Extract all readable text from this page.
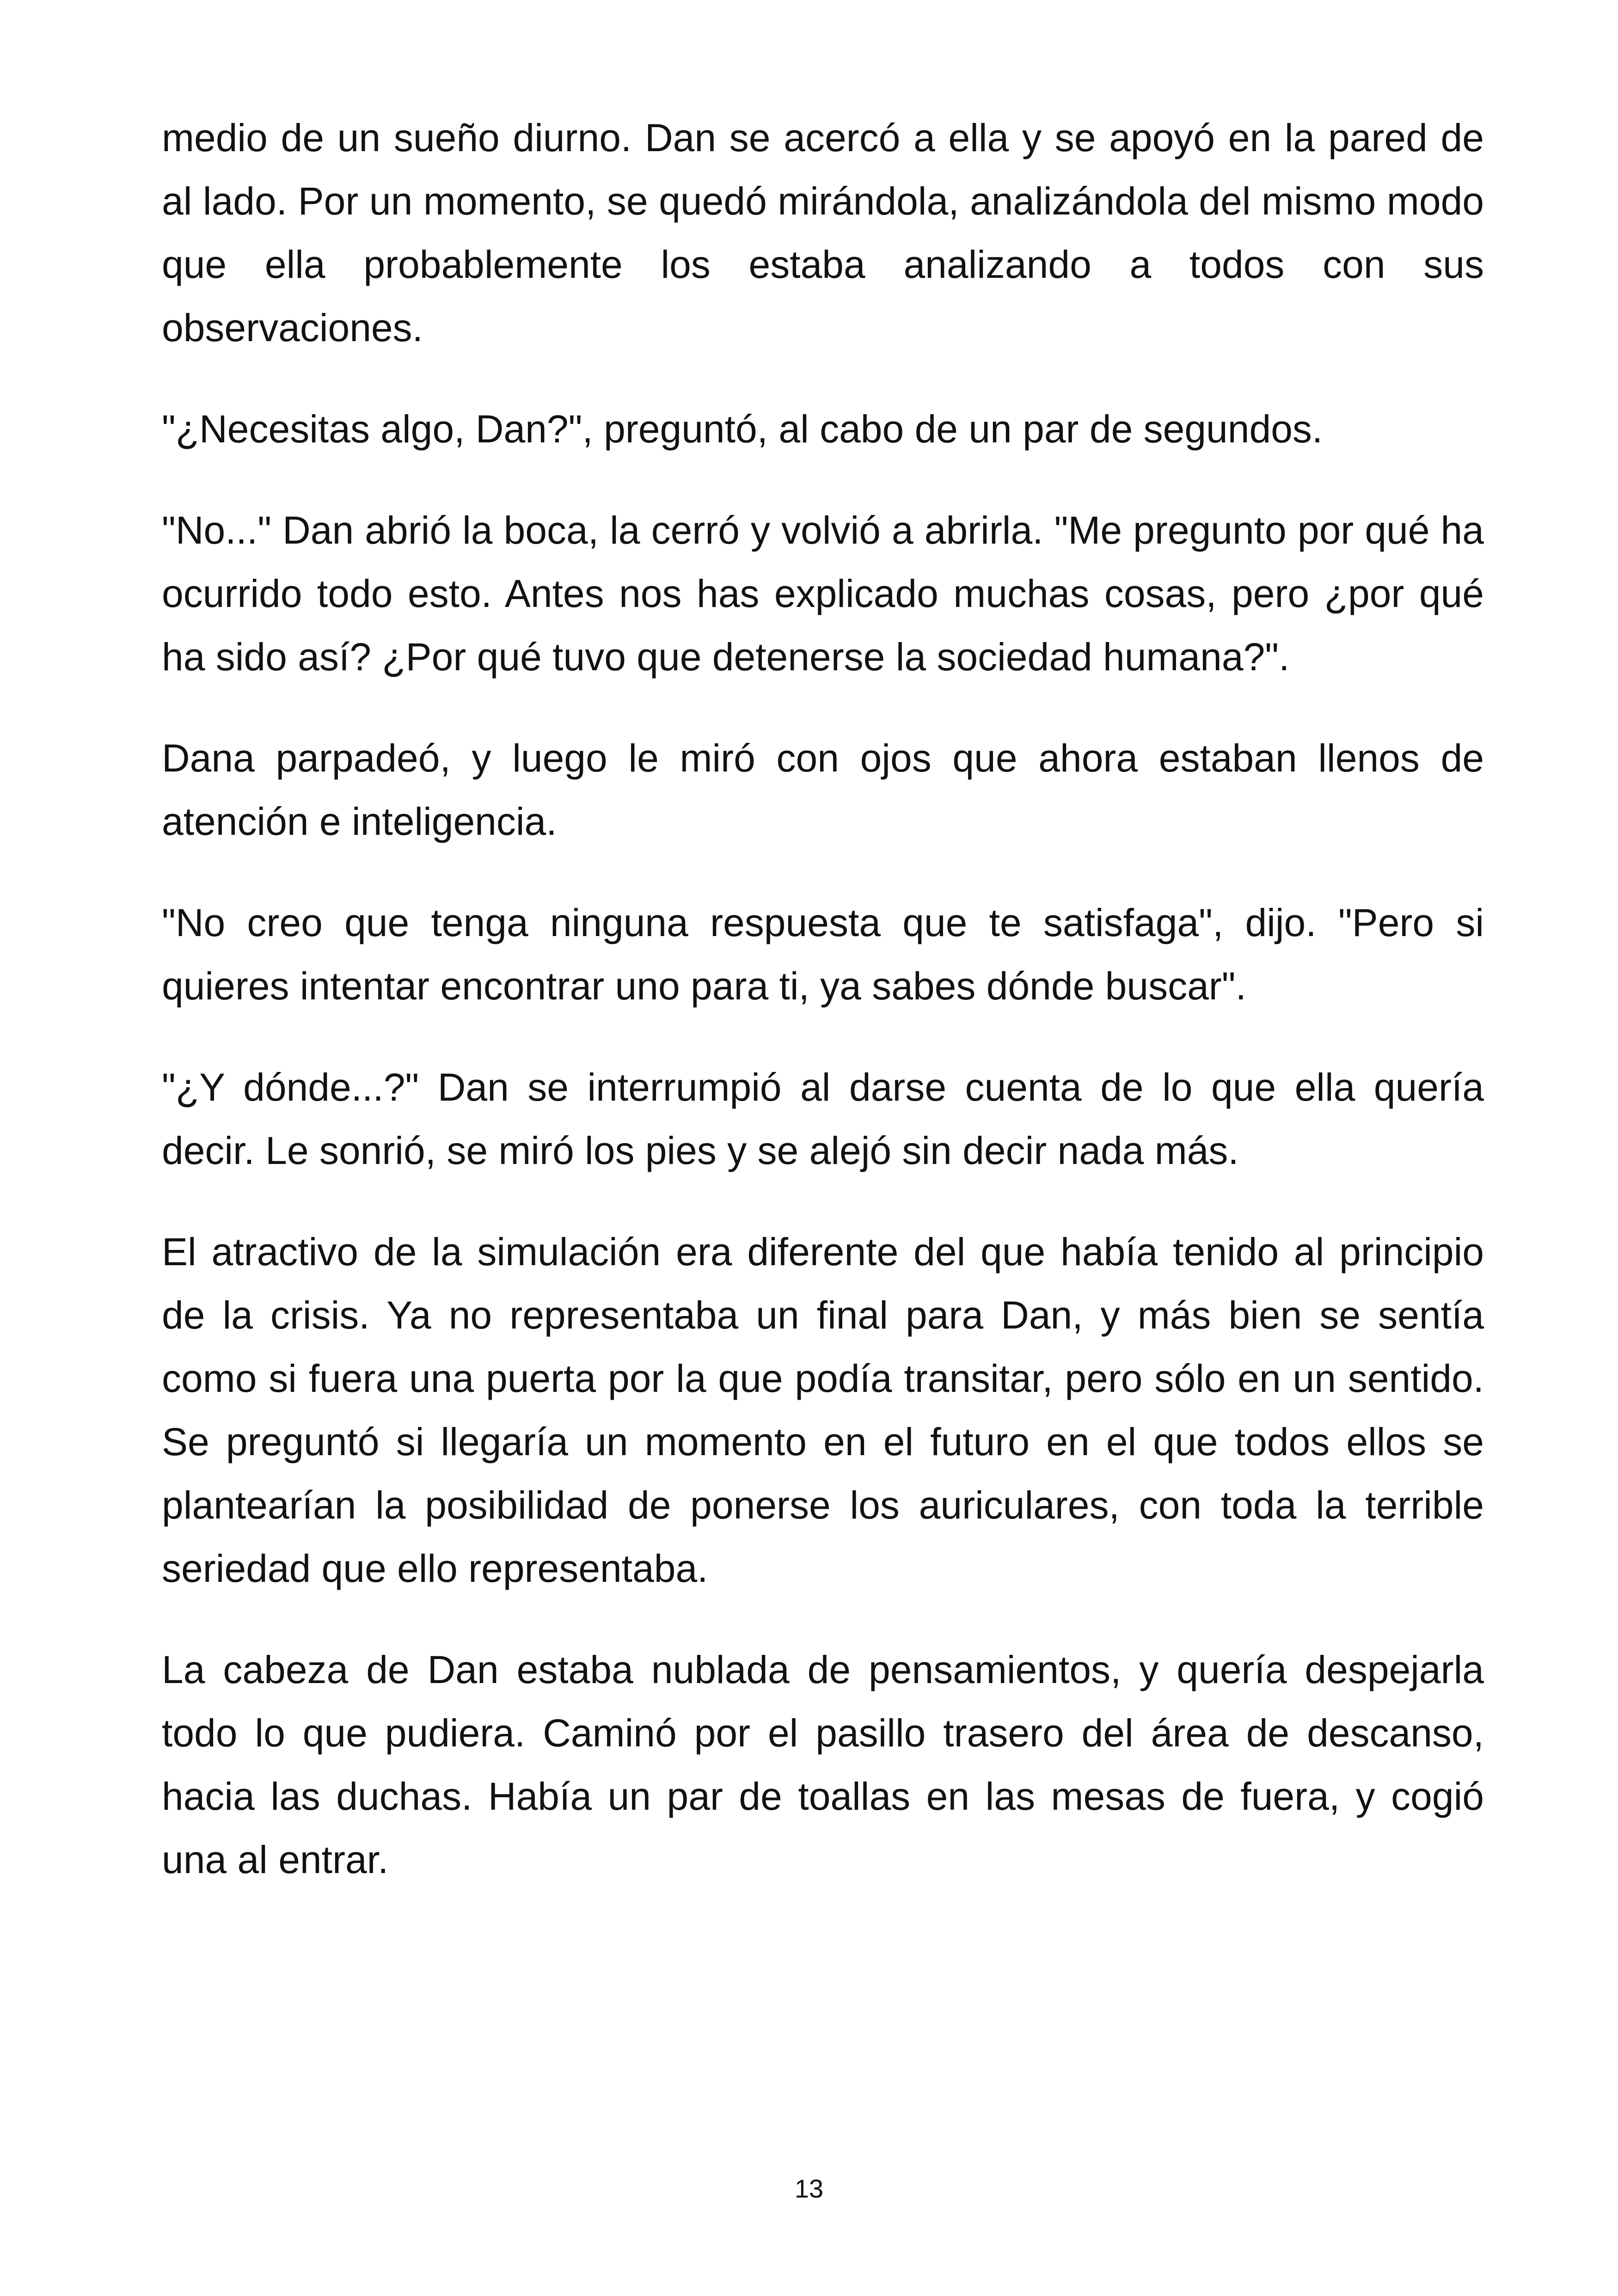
medio de un sueño diurno. Dan se acercó a ella y se apoyó en la pared de al lado. Por un momento, se quedó mirándola, analizándola del mismo modo que ella probablemente los estaba analizando a todos con sus observaciones.

"¿Necesitas algo, Dan?", preguntó, al cabo de un par de segundos.

"No..." Dan abrió la boca, la cerró y volvió a abrirla. "Me pregunto por qué ha ocurrido todo esto. Antes nos has explicado muchas cosas, pero ¿por qué ha sido así? ¿Por qué tuvo que detenerse la sociedad humana?".

Dana parpadeó, y luego le miró con ojos que ahora estaban llenos de atención e inteligencia.

"No creo que tenga ninguna respuesta que te satisfaga", dijo. "Pero si quieres intentar encontrar uno para ti, ya sabes dónde buscar".

"¿Y dónde...?" Dan se interrumpió al darse cuenta de lo que ella quería decir. Le sonrió, se miró los pies y se alejó sin decir nada más.

El atractivo de la simulación era diferente del que había tenido al principio de la crisis. Ya no representaba un final para Dan, y más bien se sentía como si fuera una puerta por la que podía transitar, pero sólo en un sentido. Se preguntó si llegaría un momento en el futuro en el que todos ellos se plantearían la posibilidad de ponerse los auriculares, con toda la terrible seriedad que ello representaba.

La cabeza de Dan estaba nublada de pensamientos, y quería despejarla todo lo que pudiera. Caminó por el pasillo trasero del área de descanso, hacia las duchas. Había un par de toallas en las mesas de fuera, y cogió una al entrar.

13
